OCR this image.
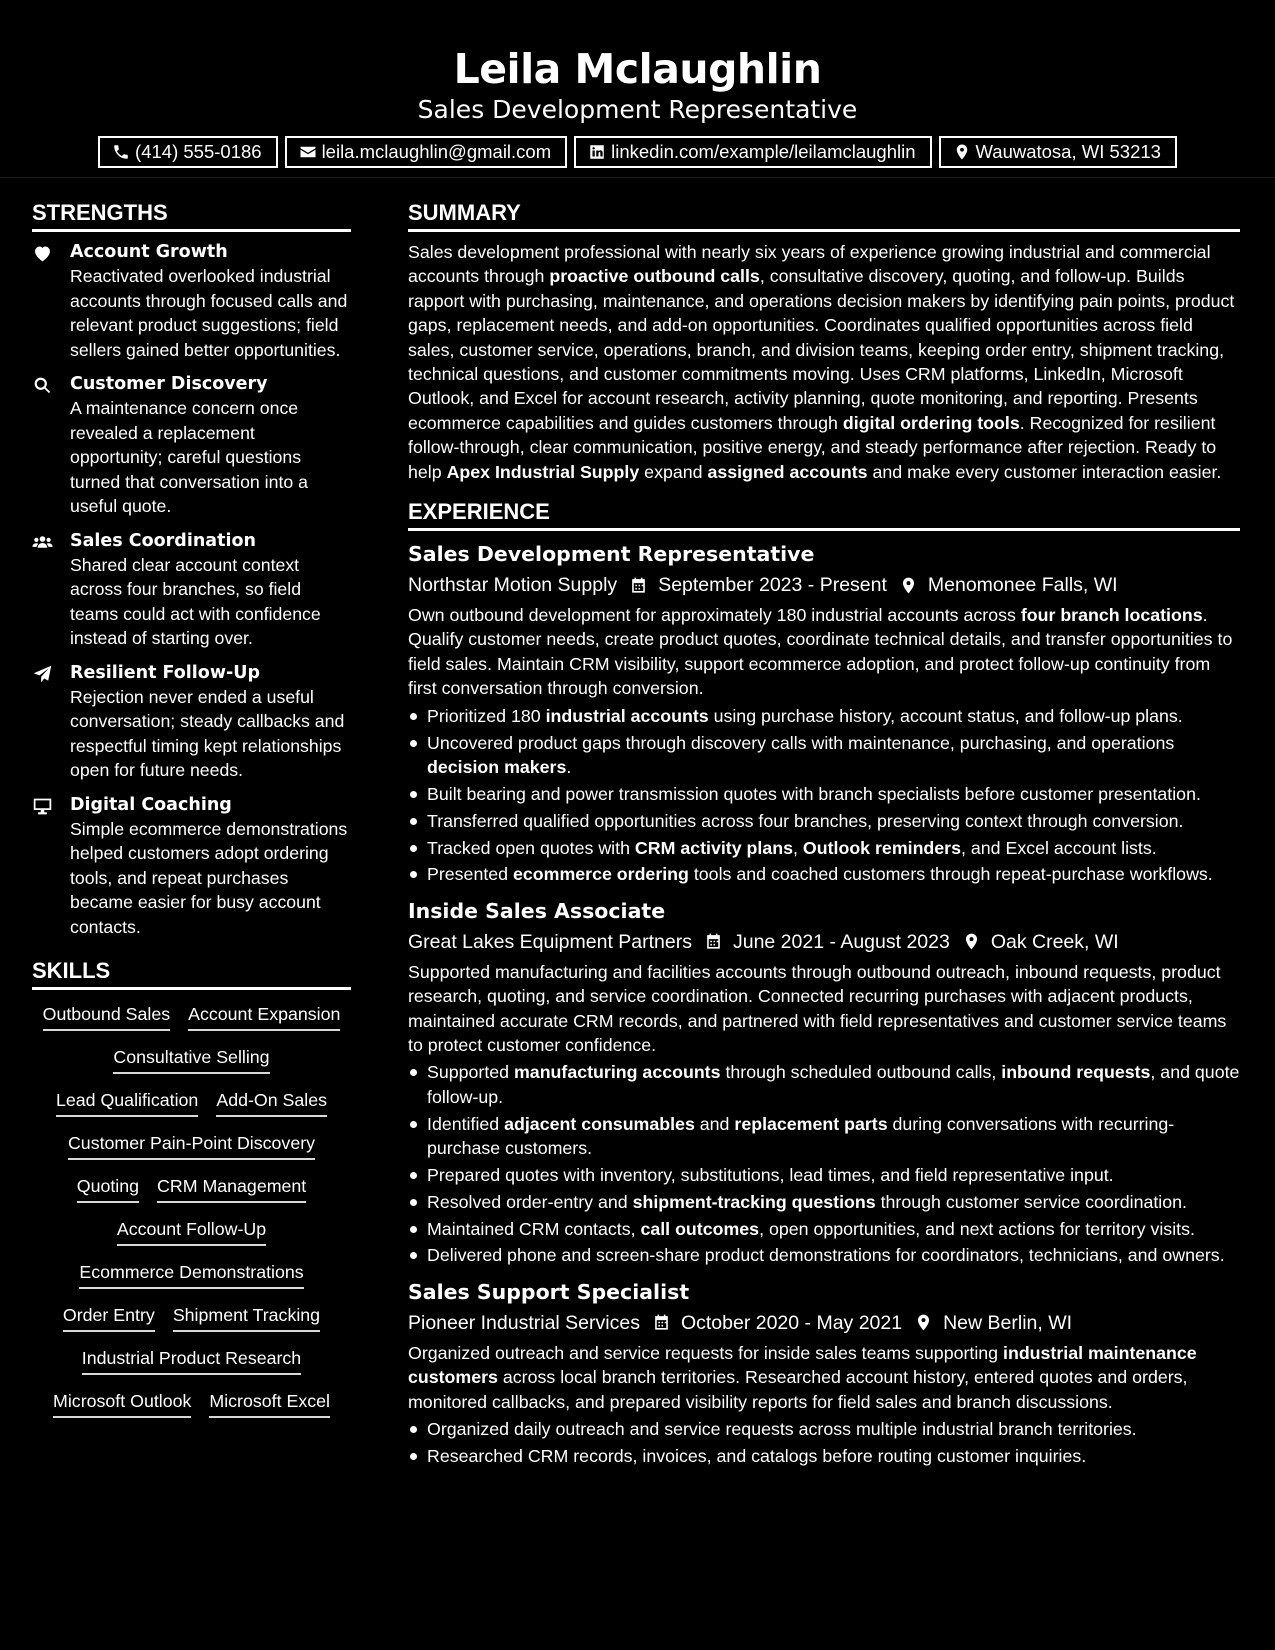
Leila Mclaughlin
Sales Development Representative
(414) 555-0186	leila.mclaughlin@gmail.com	linkedin.com/example/leilamclaughlin	Wauwatosa, WI 53213
STRENGTHS
Account Growth
Reactivated overlooked industrial accounts through focused calls and relevant product suggestions; field sellers gained better opportunities.
Customer Discovery
A maintenance concern once revealed a replacement opportunity; careful questions turned that conversation into a useful quote.
Sales Coordination
Shared clear account context across four branches, so field teams could act with confidence instead of starting over.
Resilient Follow-Up
Rejection never ended a useful conversation; steady callbacks and respectful timing kept relationships open for future needs.
Digital Coaching
Simple ecommerce demonstrations helped customers adopt ordering tools, and repeat purchases became easier for busy account contacts.
SKILLS
Outbound Sales Account Expansion
Consultative Selling
Lead Qualification Add-On Sales
Customer Pain-Point Discovery
Quoting CRM Management
Account Follow-Up
Ecommerce Demonstrations
Order Entry Shipment Tracking
Industrial Product Research
Microsoft Outlook Microsoft Excel
SUMMARY
Sales development professional with nearly six years of experience growing industrial and commercial accounts through proactive outbound calls, consultative discovery, quoting, and follow-up. Builds rapport with purchasing, maintenance, and operations decision makers by identifying pain points, product gaps, replacement needs, and add-on opportunities. Coordinates qualified opportunities across field sales, customer service, operations, branch, and division teams, keeping order entry, shipment tracking, technical questions, and customer commitments moving. Uses CRM platforms, LinkedIn, Microsoft Outlook, and Excel for account research, activity planning, quote monitoring, and reporting. Presents ecommerce capabilities and guides customers through digital ordering tools. Recognized for resilient follow-through, clear communication, positive energy, and steady performance after rejection. Ready to help Apex Industrial Supply expand assigned accounts and make every customer interaction easier.
EXPERIENCE
Sales Development Representative
Northstar Motion Supply September 2023 - Present Menomonee Falls, WI
Own outbound development for approximately 180 industrial accounts across four branch locations. Qualify customer needs, create product quotes, coordinate technical details, and transfer opportunities to field sales. Maintain CRM visibility, support ecommerce adoption, and protect follow-up continuity from first conversation through conversion.
Prioritized 180 industrial accounts using purchase history, account status, and follow-up plans.
Uncovered product gaps through discovery calls with maintenance, purchasing, and operations decision makers.
Built bearing and power transmission quotes with branch specialists before customer presentation.
Transferred qualified opportunities across four branches, preserving context through conversion.
Tracked open quotes with CRM activity plans, Outlook reminders, and Excel account lists.
Presented ecommerce ordering tools and coached customers through repeat-purchase workflows.
Inside Sales Associate
Great Lakes Equipment Partners June 2021 - August 2023 Oak Creek, WI
Supported manufacturing and facilities accounts through outbound outreach, inbound requests, product research, quoting, and service coordination. Connected recurring purchases with adjacent products, maintained accurate CRM records, and partnered with field representatives and customer service teams to protect customer confidence.
Supported manufacturing accounts through scheduled outbound calls, inbound requests, and quote follow-up.
Identified adjacent consumables and replacement parts during conversations with recurring-purchase customers.
Prepared quotes with inventory, substitutions, lead times, and field representative input.
Resolved order-entry and shipment-tracking questions through customer service coordination.
Maintained CRM contacts, call outcomes, open opportunities, and next actions for territory visits.
Delivered phone and screen-share product demonstrations for coordinators, technicians, and owners.
Sales Support Specialist
Pioneer Industrial Services October 2020 - May 2021 New Berlin, WI
Organized outreach and service requests for inside sales teams supporting industrial maintenance customers across local branch territories. Researched account history, entered quotes and orders, monitored callbacks, and prepared visibility reports for field sales and branch discussions.
Organized daily outreach and service requests across multiple industrial branch territories.
Researched CRM records, invoices, and catalogs before routing customer inquiries.
